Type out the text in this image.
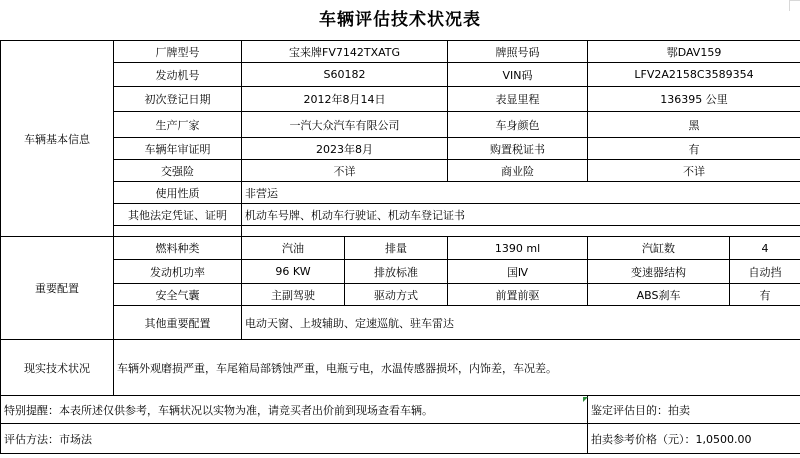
车辆评估技术状况表
车辆基本信息	厂牌型号	宝来牌FV7142TXATG		牌照号码	鄂DAV159	
	发动机号	S60182		VIN码	LFV2A2158C3589354	
	初次登记日期	2012年8月14日		表显里程	136395 公里	
	生产厂家	一汽大众汽车有限公司		车身颜色	黑	
	车辆年审证明	2023年8月		购置税证书	有	
	交强险	不详		商业险	不详	
	使用性质	非营运				
	其他法定凭证、证明	机动车号牌、机动车行驶证、机动车登记证书				

重要配置	燃料种类	汽油	排量	1390 ml	汽缸数	4
	发动机功率	96 KW	排放标准	国Ⅳ	变速器结构	自动挡
	安全气囊	主副驾驶	驱动方式	前置前驱	ABS刹车	有
	其他重要配置	电动天窗、上坡辅助、定速巡航、驻车雷达				
现实技术状况	车辆外观磨损严重，车尾箱局部锈蚀严重，电瓶亏电，水温传感器损坏，内饰差，车况差。					
特别提醒：本表所述仅供参考，车辆状况以实物为准，请竞买者出价前到现场查看车辆。					鉴定评估目的：拍卖	
评估方法：市场法					拍卖参考价格（元）：1,0500.00	
